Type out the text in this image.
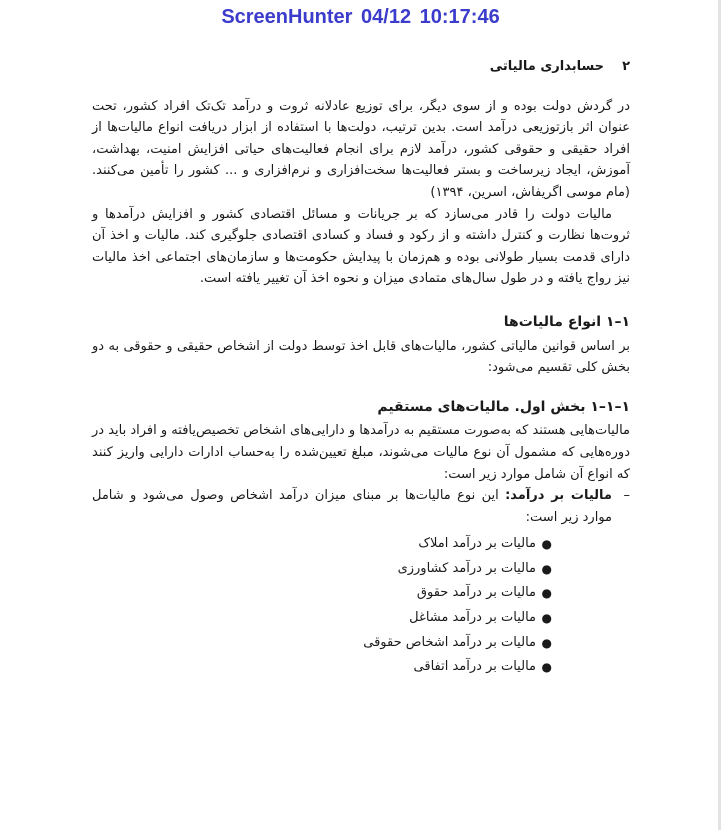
ScreenHunter 04/12 10:17:46
۲
حسابداری مالیاتی

در گردش دولت بوده و از سوی دیگر، برای توزیع عادلانه ثروت و درآمد تک‌تک افراد کشور، تحت عنوان اثر بازتوزیعی درآمد است. بدین ترتیب، دولت‌ها با استفاده از ابزار دریافت انواع مالیات‌ها از افراد حقیقی و حقوقی کشور، درآمد لازم برای انجام فعالیت‌های حیاتی افزایش امنیت، بهداشت، آموزش، ایجاد زیرساخت و بستر فعالیت‌ها سخت‌افزاری و نرم‌افزاری و ... کشور را تأمین می‌کنند. (مام موسی اگریفاش، اسرین، ۱۳۹۴)

مالیات دولت را قادر می‌سازد که بر جریانات و مسائل اقتصادی کشور و افزایش درآمدها و ثروت‌ها نظارت و کنترل داشته و از رکود و فساد و کسادی اقتصادی جلوگیری کند. مالیات و اخذ آن دارای قدمت بسیار طولانی بوده و هم‌زمان با پیدایش حکومت‌ها و سازمان‌های اجتماعی اخذ مالیات نیز رواج یافته و در طول سال‌های متمادی میزان و نحوه اخذ آن تغییر یافته است.

۱–۱ انواع مالیات‌ها

بر اساس قوانین مالیاتی کشور، مالیات‌های قابل اخذ توسط دولت از اشخاص حقیقی و حقوقی به دو بخش کلی تقسیم می‌شود:

۱–۱–۱ بخش اول. مالیات‌های مستقیم

مالیات‌هایی هستند که به‌صورت مستقیم به درآمدها و دارایی‌های اشخاص تخصیص‌یافته و افراد باید در دوره‌هایی که مشمول آن نوع مالیات می‌شوند، مبلغ تعیین‌شده را به‌حساب ادارات دارایی واریز کنند که انواع آن شامل موارد زیر است:

–
مالیات بر درآمد: این نوع مالیات‌ها بر مبنای میزان درآمد اشخاص وصول می‌شود و شامل موارد زیر است:
●
مالیات بر درآمد املاک
●
مالیات بر درآمد کشاورزی
●
مالیات بر درآمد حقوق
●
مالیات بر درآمد مشاغل
●
مالیات بر درآمد اشخاص حقوقی
●
مالیات بر درآمد اتفاقی
